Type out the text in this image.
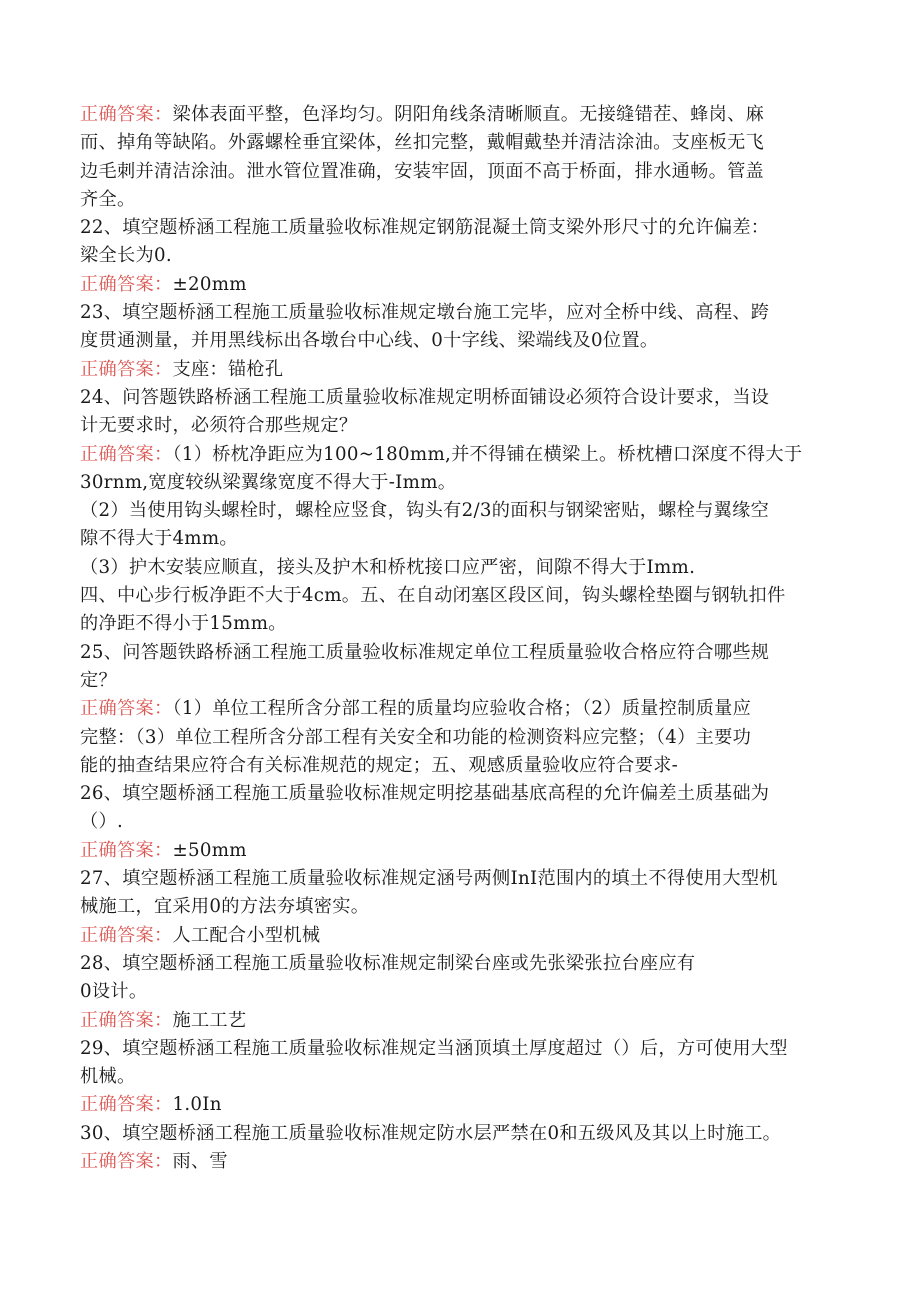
正确答案：梁体表面平整，色泽均匀。阴阳角线条清晰顺直。无接缝错茬、蜂岗、麻
而、掉角等缺陷。外露螺栓垂宜梁体，丝扣完整，戴帽戴垫并清洁涂油。支座板无飞
边毛刺并清洁涂油。泄水管位置准确，安装牢固，顶面不高于桥面，排水通畅。管盖
齐全。
22、填空题桥涵工程施工质量验收标准规定钢筋混凝土筒支梁外形尺寸的允许偏差：
梁全长为0.
正确答案：±20mm
23、填空题桥涵工程施工质量验收标准规定墩台施工完毕，应对全桥中线、高程、跨
度贯通测量，并用黑线标出各墩台中心线、0十字线、梁端线及0位置。
正确答案：支座：锚枪孔
24、问答题铁路桥涵工程施工质量验收标准规定明桥面铺设必须符合设计要求，当设
计无要求时，必须符合那些规定？
正确答案：（1）桥枕净距应为100~180mm,并不得铺在横梁上。桥枕槽口深度不得大于
30rnm,宽度较纵梁翼缘宽度不得大于-Imm。
（2）当使用钩头螺栓时，螺栓应竖食，钩头有2/3的面积与钢梁密贴，螺栓与翼缘空
隙不得大于4mm。
（3）护木安装应顺直，接头及护木和桥枕接口应严密，间隙不得大于Imm.
四、中心步行板净距不大于4cm。五、在自动闭塞区段区间，钩头螺栓垫圈与钢轨扣件
的净距不得小于15mm。
25、问答题铁路桥涵工程施工质量验收标准规定单位工程质量验收合格应符合哪些规
定？
正确答案：（1）单位工程所含分部工程的质量均应验收合格；（2）质量控制质量应
完整：（3）单位工程所含分部工程有关安全和功能的检测资料应完整；（4）主要功
能的抽查结果应符合有关标准规范的规定；五、观感质量验收应符合要求-
26、填空题桥涵工程施工质量验收标准规定明挖基础基底高程的允许偏差土质基础为
（）.
正确答案：±50mm
27、填空题桥涵工程施工质量验收标准规定涵号两侧InI范围内的填土不得使用大型机
械施工，宜采用0的方法夯填密实。
正确答案：人工配合小型机械
28、填空题桥涵工程施工质量验收标准规定制梁台座或先张梁张拉台座应有
0设计。
正确答案：施工工艺
29、填空题桥涵工程施工质量验收标准规定当涵顶填土厚度超过（）后，方可使用大型
机械。
正确答案：1.0In
30、填空题桥涵工程施工质量验收标准规定防水层严禁在0和五级风及其以上时施工。
正确答案：雨、雪
